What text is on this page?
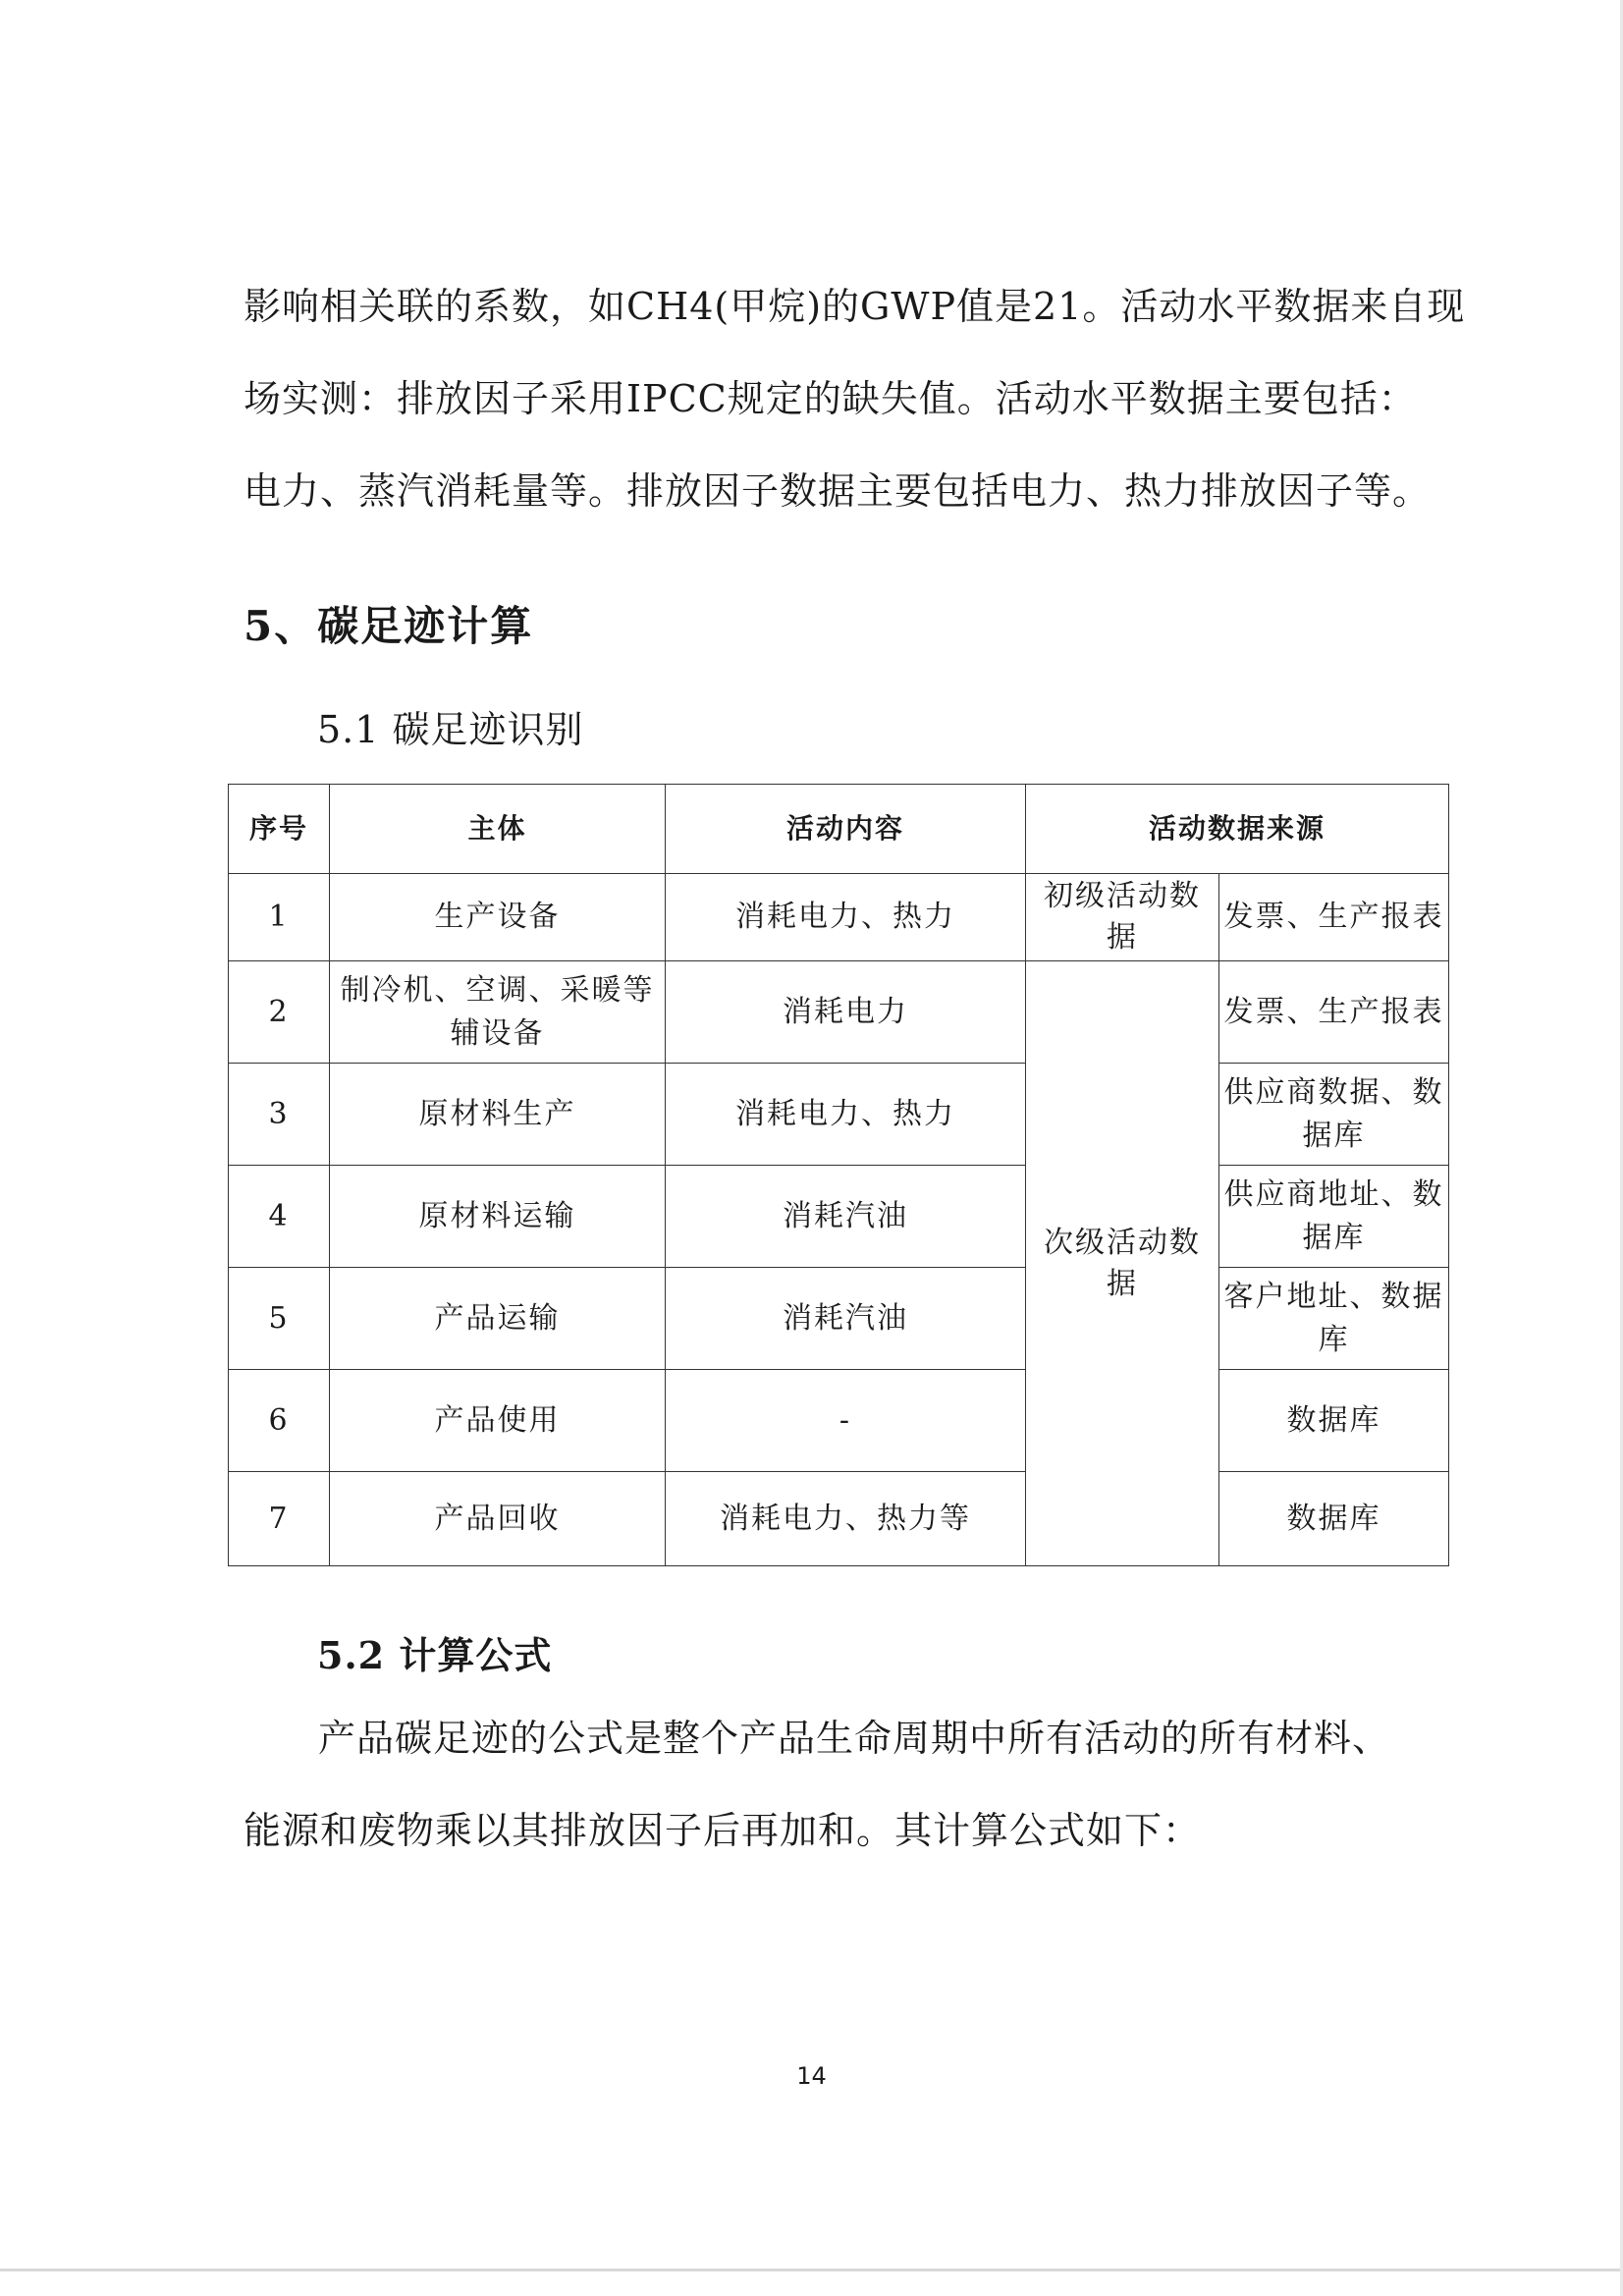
影响相关联的系数，如CH4(甲烷)的GWP值是21。活动水平数据来自现

场实测：排放因子采用IPCC规定的缺失值。活动水平数据主要包括：

电力、蒸汽消耗量等。排放因子数据主要包括电力、热力排放因子等。

5、碳足迹计算
5.1 碳足迹识别
序号	主体	活动内容	活动数据来源	
1	生产设备	消耗电力、热力	初级活动数据	发票、生产报表
2	制冷机、空调、采暖等辅设备	消耗电力	次级活动数据	发票、生产报表
3	原材料生产	消耗电力、热力		供应商数据、数据库
4	原材料运输	消耗汽油		供应商地址、数据库
5	产品运输	消耗汽油		客户地址、数据库
6	产品使用	-		数据库
7	产品回收	消耗电力、热力等		数据库
5.2 计算公式

产品碳足迹的公式是整个产品生命周期中所有活动的所有材料、

能源和废物乘以其排放因子后再加和。其计算公式如下：

14
